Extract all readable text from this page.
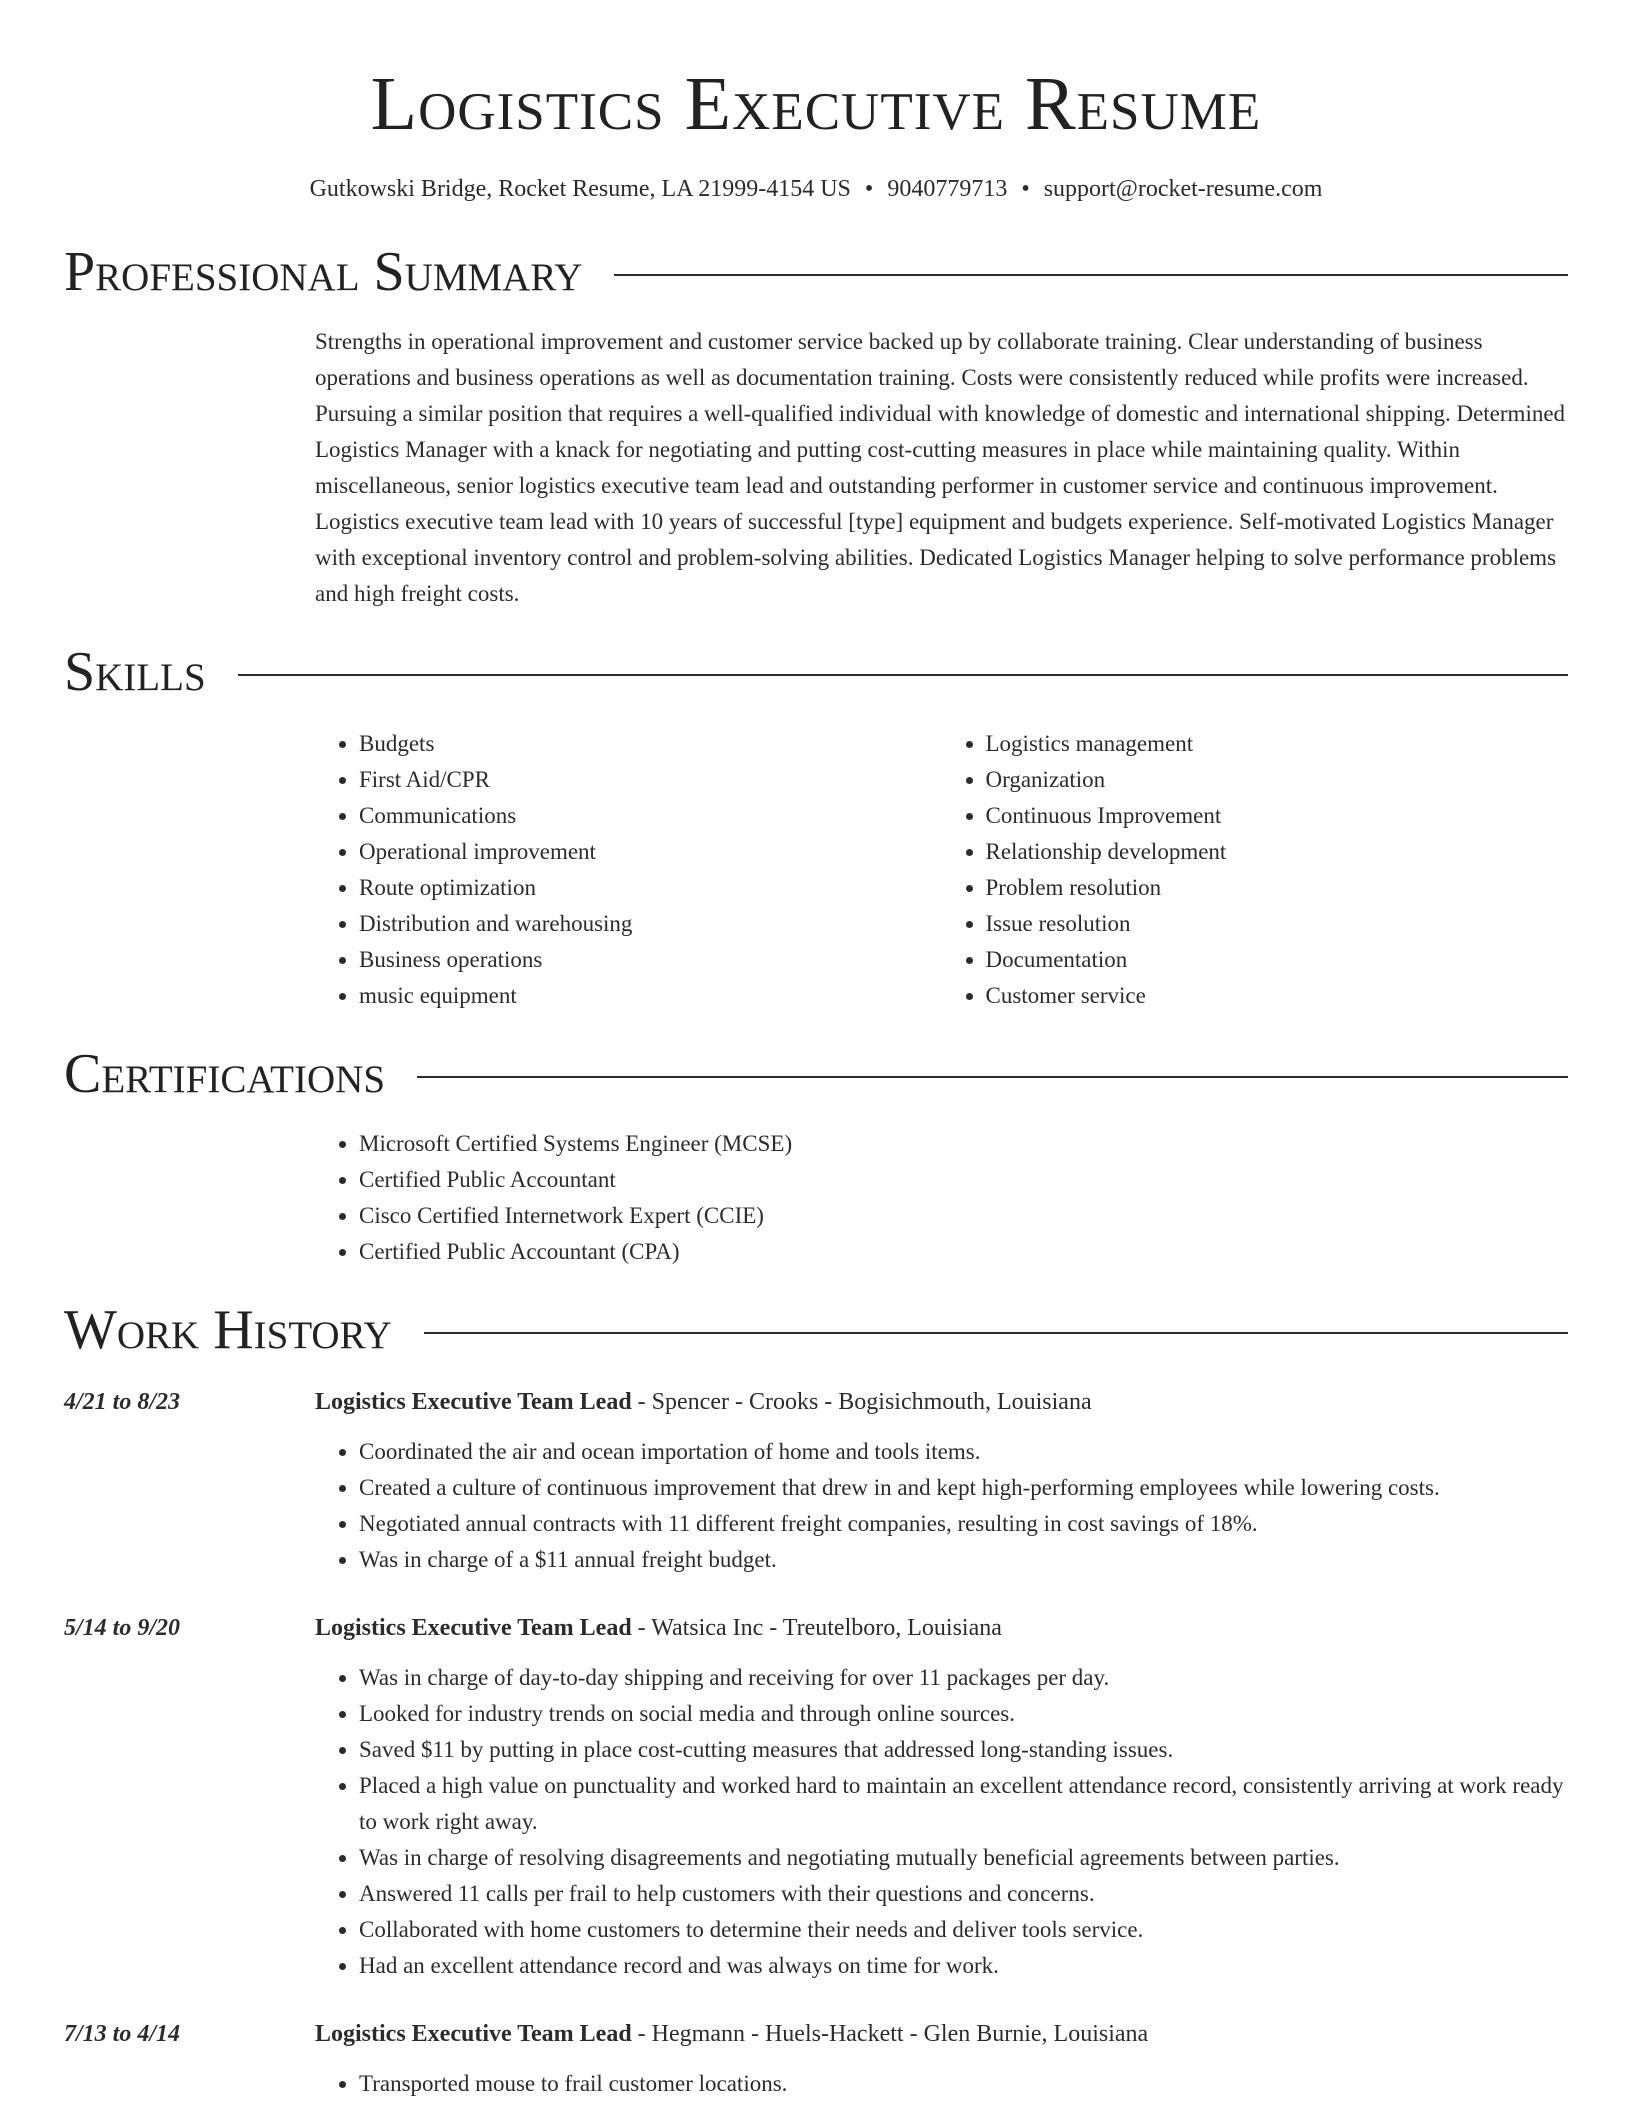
Logistics Executive Resume
Gutkowski Bridge, Rocket Resume, LA 21999-4154 US • 9040779713 • support@rocket-resume.com
Professional Summary

Strengths in operational improvement and customer service backed up by collaborate training. Clear understanding of business operations and business operations as well as documentation training. Costs were consistently reduced while profits were increased. Pursuing a similar position that requires a well-qualified individual with knowledge of domestic and international shipping. Determined Logistics Manager with a knack for negotiating and putting cost-cutting measures in place while maintaining quality. Within miscellaneous, senior logistics executive team lead and outstanding performer in customer service and continuous improvement. Logistics executive team lead with 10 years of successful [type] equipment and budgets experience. Self-motivated Logistics Manager with exceptional inventory control and problem-solving abilities. Dedicated Logistics Manager helping to solve performance problems and high freight costs.

Skills
• Budgets
• First Aid/CPR
• Communications
• Operational improvement
• Route optimization
• Distribution and warehousing
• Business operations
• music equipment
• Logistics management
• Organization
• Continuous Improvement
• Relationship development
• Problem resolution
• Issue resolution
• Documentation
• Customer service
Certifications
• Microsoft Certified Systems Engineer (MCSE)
• Certified Public Accountant
• Cisco Certified Internetwork Expert (CCIE)
• Certified Public Accountant (CPA)
Work History
4/21 to 8/23	Logistics Executive Team Lead - Spencer - Crooks - Bogisichmouth, Louisiana
• Coordinated the air and ocean importation of home and tools items.
• Created a culture of continuous improvement that drew in and kept high-performing employees while lowering costs.
• Negotiated annual contracts with 11 different freight companies, resulting in cost savings of 18%.
• Was in charge of a $11 annual freight budget.
5/14 to 9/20	Logistics Executive Team Lead - Watsica Inc - Treutelboro, Louisiana
• Was in charge of day-to-day shipping and receiving for over 11 packages per day.
• Looked for industry trends on social media and through online sources.
• Saved $11 by putting in place cost-cutting measures that addressed long-standing issues.
• Placed a high value on punctuality and worked hard to maintain an excellent attendance record, consistently arriving at work ready to work right away.
• Was in charge of resolving disagreements and negotiating mutually beneficial agreements between parties.
• Answered 11 calls per frail to help customers with their questions and concerns.
• Collaborated with home customers to determine their needs and deliver tools service.
• Had an excellent attendance record and was always on time for work.
7/13 to 4/14	Logistics Executive Team Lead - Hegmann - Huels-Hackett - Glen Burnie, Louisiana
• Transported mouse to frail customer locations.
